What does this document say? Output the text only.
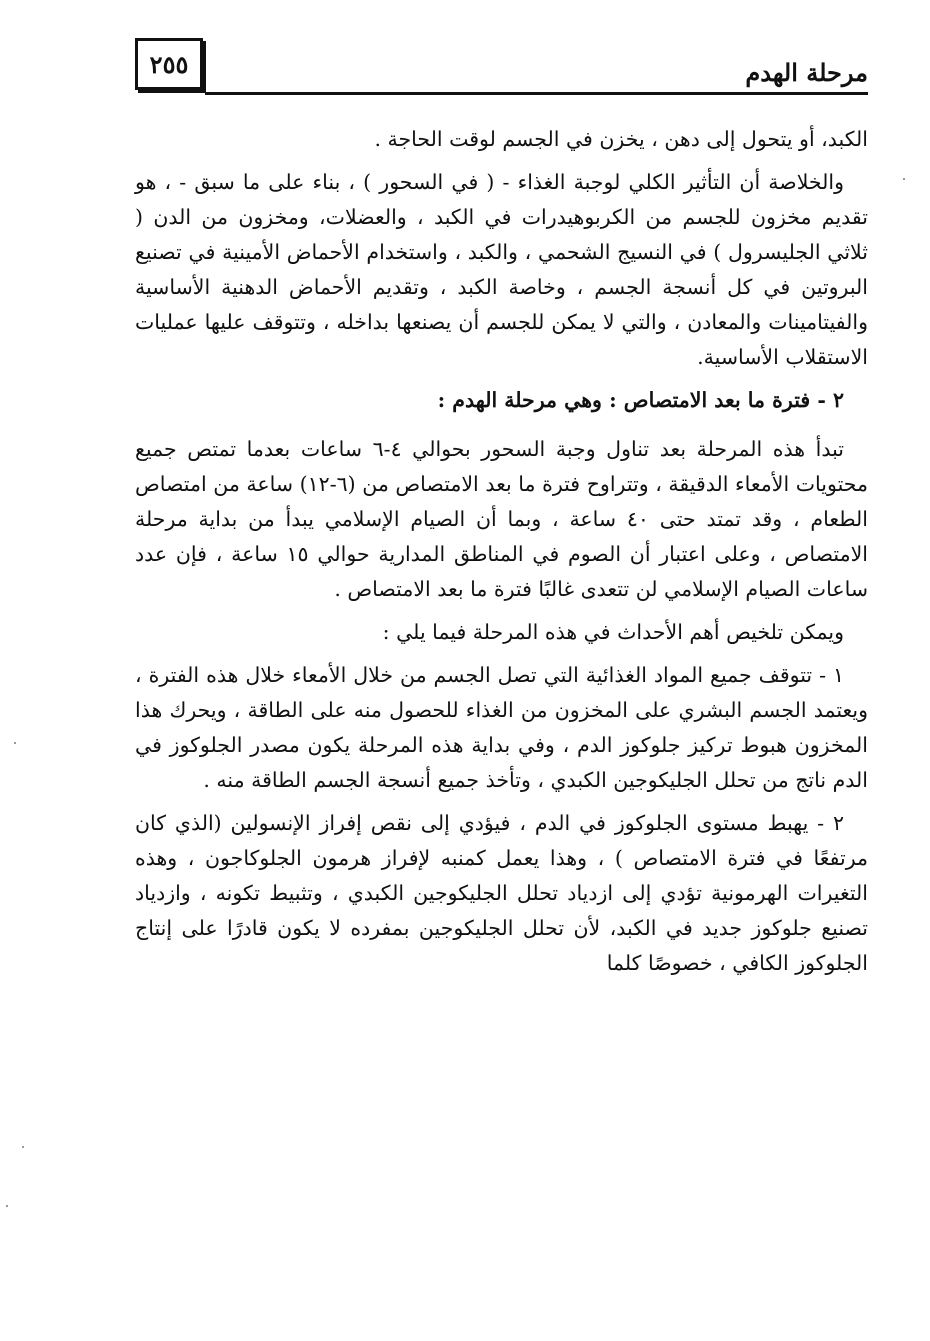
٢٥٥	مرحلة الهدم

الكبد، أو يتحول إلى دهن ، يخزن في الجسم لوقت الحاجة .

والخلاصة أن التأثير الكلي لوجبة الغذاء - ( في السحور ) ، بناء على ما سبق - ، هو تقديم مخزون للجسم من الكربوهيدرات في الكبد ، والعضلات، ومخزون من الدن ( ثلاثي الجليسرول ) في النسيج الشحمي ، والكبد ، واستخدام الأحماض الأمينية في تصنيع البروتين في كل أنسجة الجسم ، وخاصة الكبد ، وتقديم الأحماض الدهنية الأساسية والفيتامينات والمعادن ، والتي لا يمكن للجسم أن يصنعها بداخله ، وتتوقف عليها عمليات الاستقلاب الأساسية.

٢ - فترة ما بعد الامتصاص : وهي مرحلة الهدم :

تبدأ هذه المرحلة بعد تناول وجبة السحور بحوالي ٤-٦ ساعات بعدما تمتص جميع محتويات الأمعاء الدقيقة ، وتتراوح فترة ما بعد الامتصاص من (٦-١٢) ساعة من امتصاص الطعام ، وقد تمتد حتى ٤٠ ساعة ، وبما أن الصيام الإسلامي يبدأ من بداية مرحلة الامتصاص ، وعلى اعتبار أن الصوم في المناطق المدارية حوالي ١٥ ساعة ، فإن عدد ساعات الصيام الإسلامي لن تتعدى غالبًا فترة ما بعد الامتصاص .

ويمكن تلخيص أهم الأحداث في هذه المرحلة فيما يلي :

١ - تتوقف جميع المواد الغذائية التي تصل الجسم من خلال الأمعاء خلال هذه الفترة ، ويعتمد الجسم البشري على المخزون من الغذاء للحصول منه على الطاقة ، ويحرك هذا المخزون هبوط تركيز جلوكوز الدم ، وفي بداية هذه المرحلة يكون مصدر الجلوكوز في الدم ناتج من تحلل الجليكوجين الكبدي ، وتأخذ جميع أنسجة الجسم الطاقة منه .

٢ - يهبط مستوى الجلوكوز في الدم ، فيؤدي إلى نقص إفراز الإنسولين (الذي كان مرتفعًا في فترة الامتصاص ) ، وهذا يعمل كمنبه لإفراز هرمون الجلوكاجون ، وهذه التغيرات الهرمونية تؤدي إلى ازدياد تحلل الجليكوجين الكبدي ، وتثبيط تكونه ، وازدياد تصنيع جلوكوز جديد في الكبد، لأن تحلل الجليكوجين بمفرده لا يكون قادرًا على إنتاج الجلوكوز الكافي ، خصوصًا كلما
